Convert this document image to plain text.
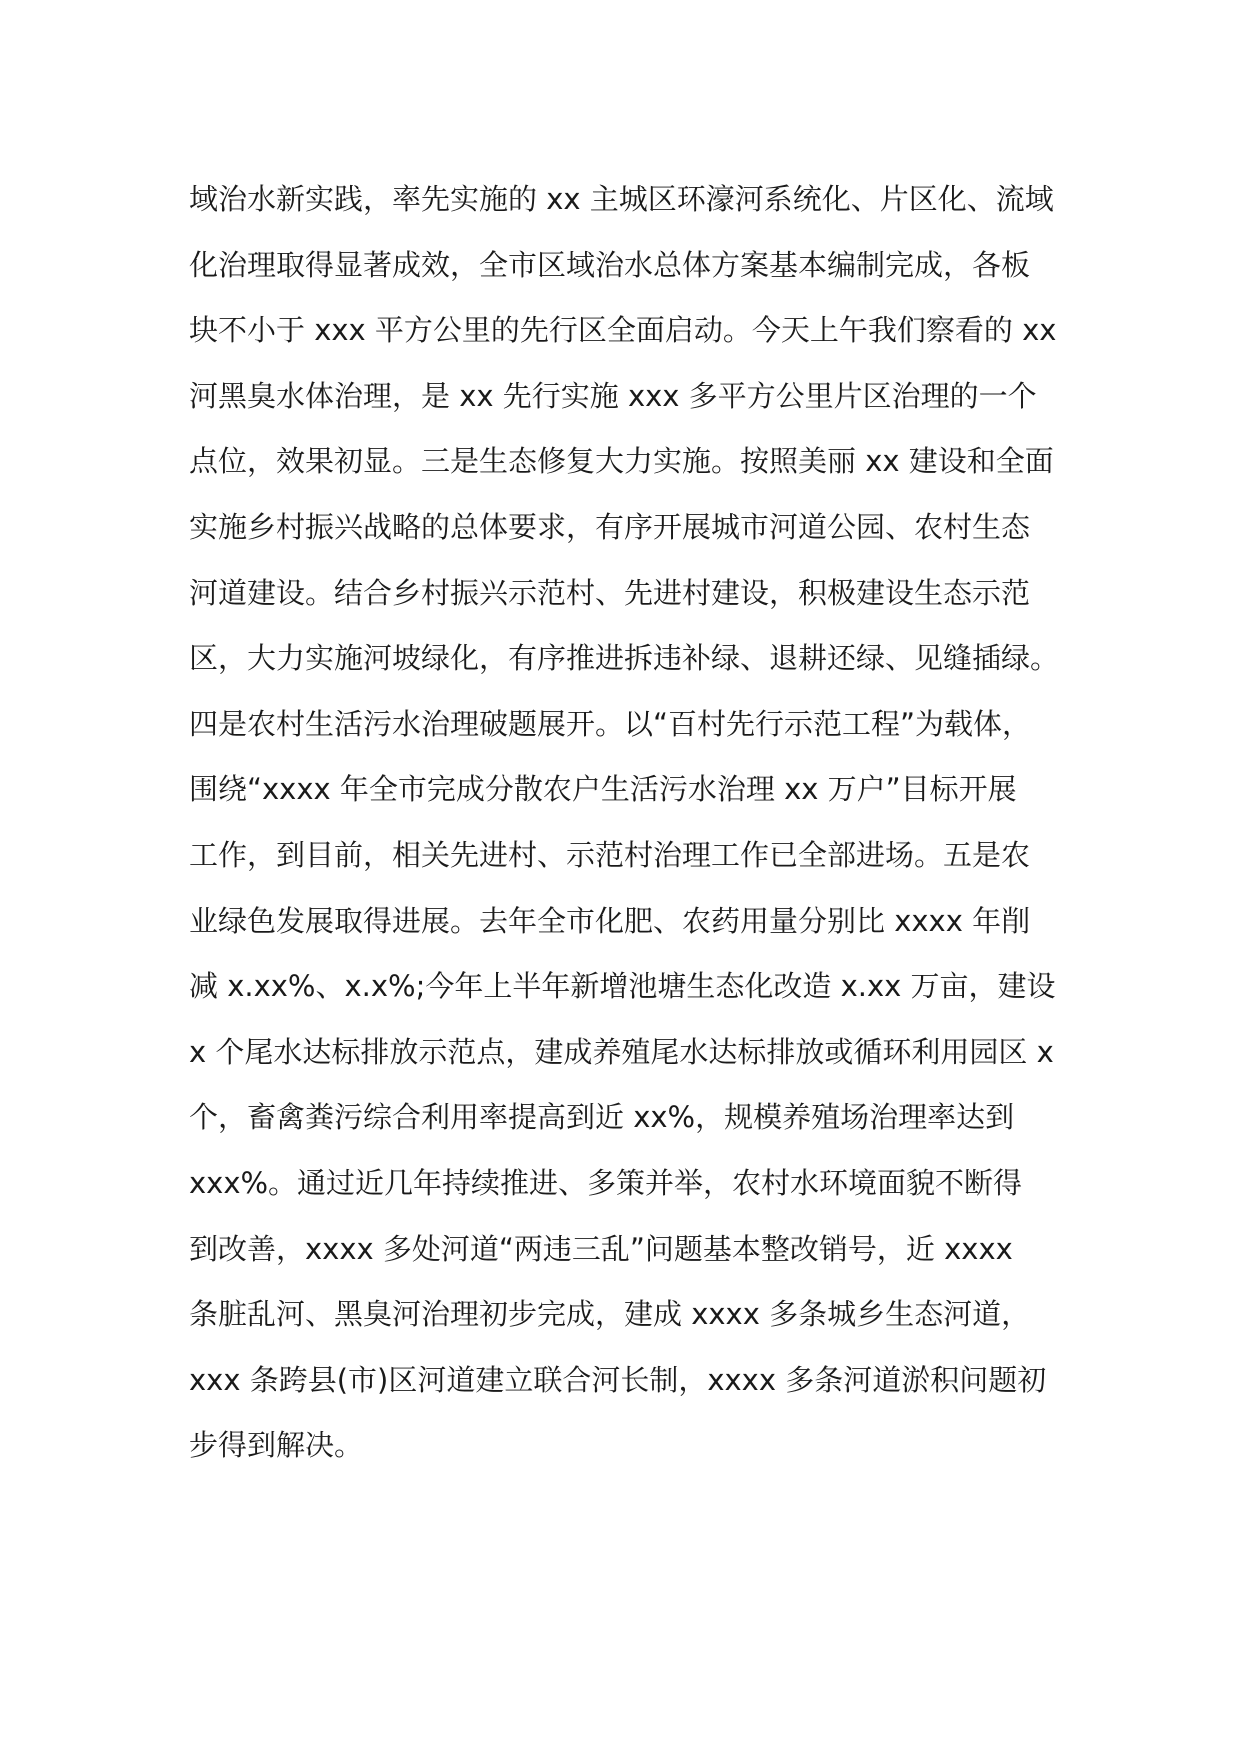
域治水新实践，率先实施的 xx 主城区环濠河系统化、片区化、流域
化治理取得显著成效，全市区域治水总体方案基本编制完成，各板
块不小于 xxx 平方公里的先行区全面启动。今天上午我们察看的 xx
河黑臭水体治理，是 xx 先行实施 xxx 多平方公里片区治理的一个
点位，效果初显。三是生态修复大力实施。按照美丽 xx 建设和全面
实施乡村振兴战略的总体要求，有序开展城市河道公园、农村生态
河道建设。结合乡村振兴示范村、先进村建设，积极建设生态示范
区，大力实施河坡绿化，有序推进拆违补绿、退耕还绿、见缝插绿。
四是农村生活污水治理破题展开。以“百村先行示范工程”为载体，
围绕“xxxx 年全市完成分散农户生活污水治理 xx 万户”目标开展
工作，到目前，相关先进村、示范村治理工作已全部进场。五是农
业绿色发展取得进展。去年全市化肥、农药用量分别比 xxxx 年削
减 x.xx%、x.x%;今年上半年新增池塘生态化改造 x.xx 万亩，建设
x 个尾水达标排放示范点，建成养殖尾水达标排放或循环利用园区 x
个，畜禽粪污综合利用率提高到近 xx%，规模养殖场治理率达到
xxx%。通过近几年持续推进、多策并举，农村水环境面貌不断得
到改善，xxxx 多处河道“两违三乱”问题基本整改销号，近 xxxx
条脏乱河、黑臭河治理初步完成，建成 xxxx 多条城乡生态河道，
xxx 条跨县(市)区河道建立联合河长制，xxxx 多条河道淤积问题初
步得到解决。
